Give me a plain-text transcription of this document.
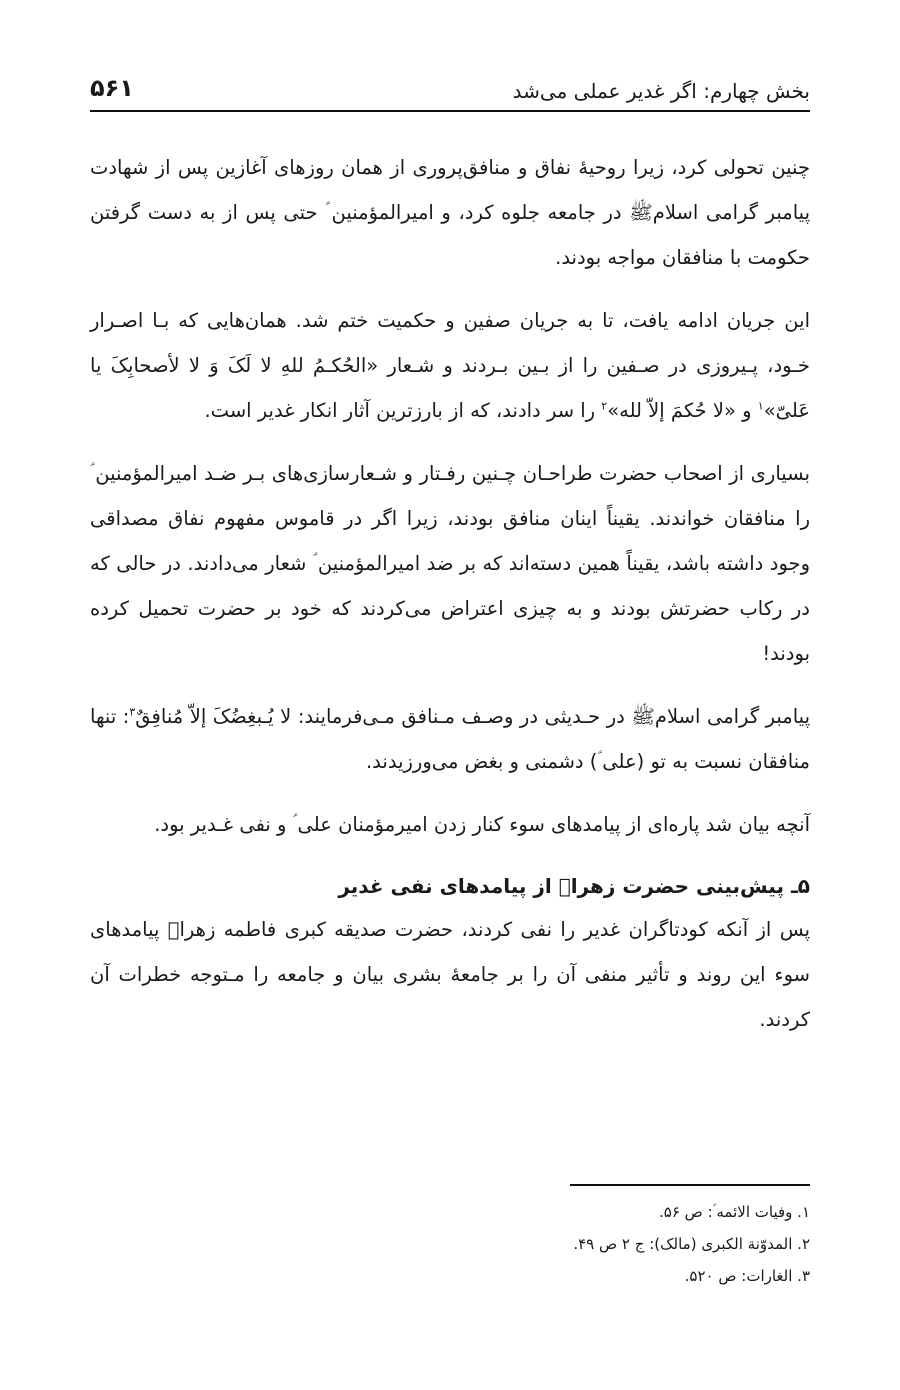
بخش چهارم: اگر غدیر عملی می‌شد
۵۶۱

چنین تحولی کرد، زیرا روحیهٔ نفاق و منافق‌پروری از همان روزهای آغازین پس از شهادت پیامبر گرامی اسلامﷺ در جامعه جلوه کرد، و امیرالمؤمنین ؑ حتی پس از به دست گرفتن حکومت با منافقان مواجه بودند.

این جریان ادامه یافت، تا به جریان صفین و حکمیت ختم شد. همان‌هایی که بـا اصـرار خـود، پـیروزی در صـفین را از بـین بـردند و شـعار «الحُکـمُ للهِ لا لَکَ وَ لا لأصحابِکَ یا عَلیّ»$^۱$ و «لا حُکمَ إلاّ لله»$^۲$ را سر دادند، که از بارزترین آثار انکار غدیر است.

بسیاری از اصحاب حضرت طراحـان چـنین رفـتار و شـعارسازی‌های بـر ضـد امیرالمؤمنین ؑ را منافقان خواندند. یقیناً اینان منافق بودند، زیرا اگر در قاموس مفهوم نفاق مصداقی وجود داشته باشد، یقیناً همین دسته‌اند که بر ضد امیرالمؤمنین ؑ شعار می‌دادند. در حالی که در رکاب حضرتش بودند و به چیزی اعتراض می‌کردند که خود بر حضرت تحمیل کرده بودند!

پیامبر گرامی اسلامﷺ در حـدیثی در وصـف مـنافق مـی‌فرمایند: لا یُـبغِضُکَ إلاّ مُنافِقٌ$^۳$: تنها منافقان نسبت به تو (علی ؑ) دشمنی و بغض می‌ورزیدند.

آنچه بیان شد پاره‌ای از پیامدهای سوء کنار زدن امیرمؤمنان علی ؑ و نفی غـدیر بود.

۵ـ پیش‌بینی حضرت زهراؑ از پیامدهای نفی غدیر

پس از آنکه کودتاگران غدیر را نفی کردند، حضرت صدیقه کبری فاطمه زهراؑ پیامدهای سوء این روند و تأثیر منفی آن را بر جامعهٔ بشری بیان و جامعه را مـتوجه خطرات آن کردند.

۱. وفیات الائمه ؑ: ص ۵۶.

۲. المدوّنة الکبری (مالک): ج ۲ ص ۴۹.

۳. الغارات: ص ۵۲۰.
